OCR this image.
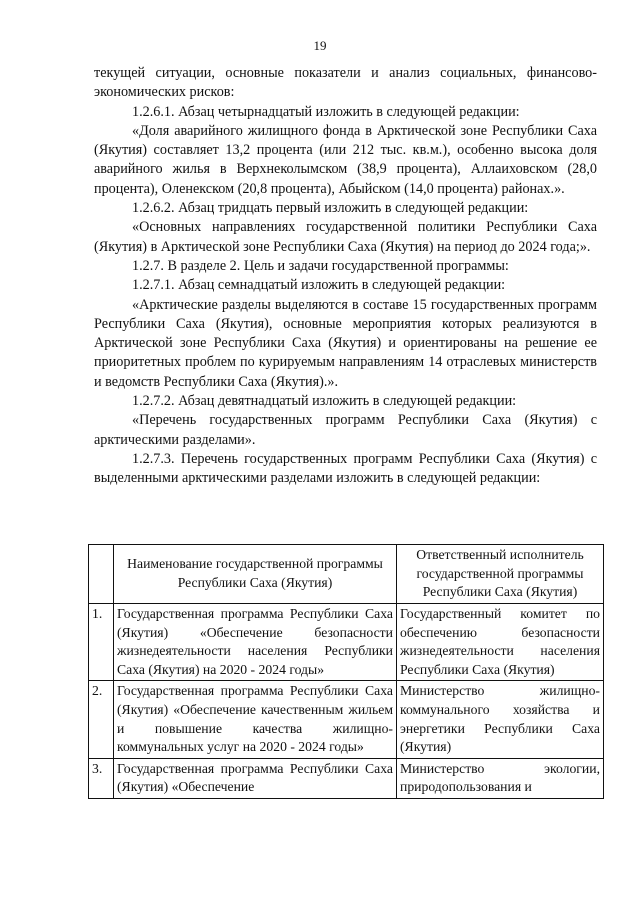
19

текущей ситуации, основные показатели и анализ социальных, финансово-экономических рисков:

1.2.6.1. Абзац четырнадцатый изложить в следующей редакции:

«Доля аварийного жилищного фонда в Арктической зоне Республики Саха (Якутия) составляет 13,2 процента (или 212 тыс. кв.м.), особенно высока доля аварийного жилья в Верхнеколымском (38,9 процента), Аллаиховском (28,0 процента), Оленекском (20,8 процента), Абыйском (14,0 процента) районах.».

1.2.6.2. Абзац тридцать первый изложить в следующей редакции:

«Основных направлениях государственной политики Республики Саха (Якутия) в Арктической зоне Республики Саха (Якутия) на период до 2024 года;».

1.2.7. В разделе 2. Цель и задачи государственной программы:

1.2.7.1. Абзац семнадцатый изложить в следующей редакции:

«Арктические разделы выделяются в составе 15 государственных программ Республики Саха (Якутия), основные мероприятия которых реализуются в Арктической зоне Республики Саха (Якутия) и ориентированы на решение ее приоритетных проблем по курируемым направлениям 14 отраслевых министерств и ведомств Республики Саха (Якутия).».

1.2.7.2. Абзац девятнадцатый изложить в следующей редакции:

«Перечень государственных программ Республики Саха (Якутия) с арктическими разделами».

1.2.7.3. Перечень государственных программ Республики Саха (Якутия) с выделенными арктическими разделами изложить в следующей редакции:

	Наименование государственной программы Республики Саха (Якутия)	Ответственный исполнитель государственной программы Республики Саха (Якутия)
1.	Государственная программа Республики Саха (Якутия) «Обеспечение безопасности жизнедеятельности населения Республики Саха (Якутия) на 2020 - 2024 годы»	Государственный комитет по обеспечению безопасности жизнедеятельности населения Республики Саха (Якутия)
2.	Государственная программа Республики Саха (Якутия) «Обеспечение качественным жильем и повышение качества жилищно-коммунальных услуг на 2020 - 2024 годы»	Министерство жилищно-коммунального хозяйства и энергетики Республики Саха (Якутия)
3.	Государственная программа Республики Саха (Якутия) «Обеспечение	Министерство экологии, природопользования и
